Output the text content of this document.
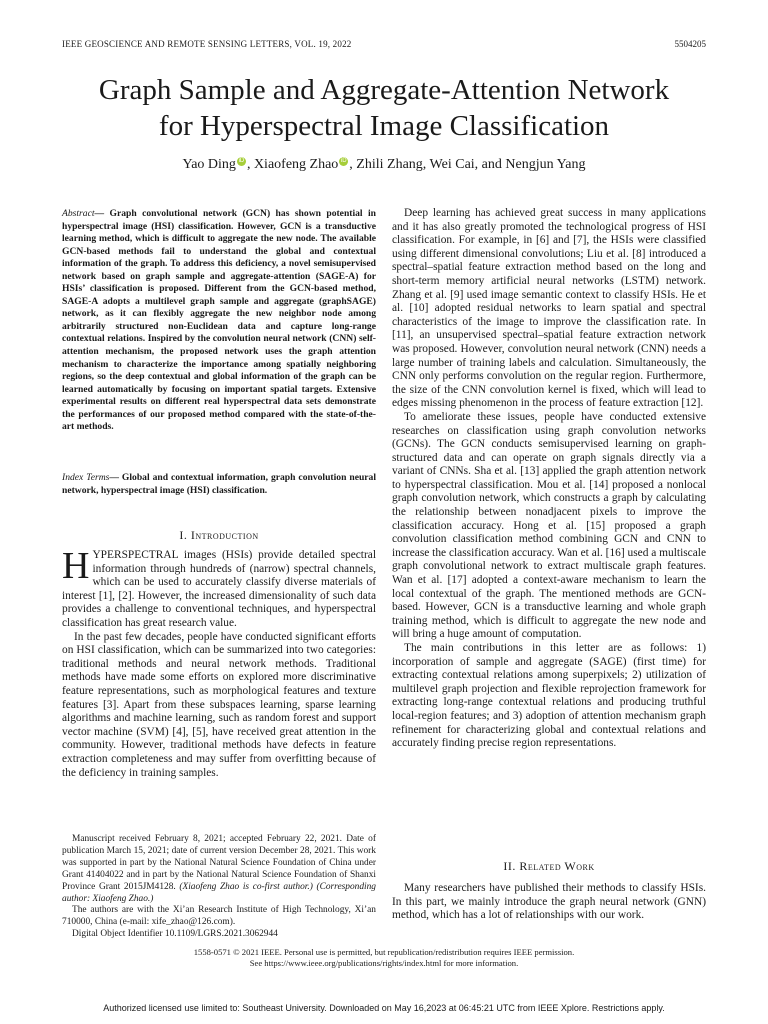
IEEE GEOSCIENCE AND REMOTE SENSING LETTERS, VOL. 19, 2022	5504205
Graph Sample and Aggregate-Attention Network
for Hyperspectral Image Classification
Yao Ding iD , Xiaofeng Zhao iD , Zhili Zhang, Wei Cai, and Nengjun Yang

Abstract— Graph convolutional network (GCN) has shown potential in hyperspectral image (HSI) classification. However, GCN is a transductive learning method, which is difficult to aggregate the new node. The available GCN-based methods fail to understand the global and contextual information of the graph. To address this deficiency, a novel semisupervised network based on graph sample and aggregate-attention (SAGE-A) for HSIs’ classification is proposed. Different from the GCN-based method, SAGE-A adopts a multilevel graph sample and aggregate (graphSAGE) network, as it can flexibly aggregate the new neighbor node among arbitrarily structured non-Euclidean data and capture long-range contextual relations. Inspired by the convolution neural network (CNN) self-attention mechanism, the proposed network uses the graph attention mechanism to characterize the importance among spatially neighboring regions, so the deep contextual and global information of the graph can be learned automatically by focusing on important spatial targets. Extensive experimental results on different real hyperspectral data sets demonstrate the performances of our proposed method compared with the state-of-the-art methods.

Index Terms— Global and contextual information, graph convolution neural network, hyperspectral image (HSI) classification.

I. Introduction

HYPERSPECTRAL images (HSIs) provide detailed spectral information through hundreds of (narrow) spectral channels, which can be used to accurately classify diverse materials of interest [1], [2]. However, the increased dimensionality of such data provides a challenge to conventional techniques, and hyperspectral classification has great research value.

In the past few decades, people have conducted significant efforts on HSI classification, which can be summarized into two categories: traditional methods and neural network methods. Traditional methods have made some efforts on explored more discriminative feature representations, such as morphological features and texture features [3]. Apart from these subspaces learning, sparse learning algorithms and machine learning, such as random forest and support vector machine (SVM) [4], [5], have received great attention in the community. However, traditional methods have defects in feature extraction completeness and may suffer from overfitting because of the deficiency in training samples.

Manuscript received February 8, 2021; accepted February 22, 2021. Date of publication March 15, 2021; date of current version December 28, 2021. This work was supported in part by the National Natural Science Foundation of China under Grant 41404022 and in part by the National Natural Science Foundation of Shanxi Province Grant 2015JM4128. (Xiaofeng Zhao is co-first author.) (Corresponding author: Xiaofeng Zhao.)

The authors are with the Xi’an Research Institute of High Technology, Xi’an 710000, China (e-mail: xife_zhao@126.com).

Digital Object Identifier 10.1109/LGRS.2021.3062944

Deep learning has achieved great success in many applications and it has also greatly promoted the technological progress of HSI classification. For example, in [6] and [7], the HSIs were classified using different dimensional convolutions; Liu et al. [8] introduced a spectral–spatial feature extraction method based on the long and short-term memory artificial neural networks (LSTM) network. Zhang et al. [9] used image semantic context to classify HSIs. He et al. [10] adopted residual networks to learn spatial and spectral characteristics of the image to improve the classification rate. In [11], an unsupervised spectral–spatial feature extraction network was proposed. However, convolution neural network (CNN) needs a large number of training labels and calculation. Simultaneously, the CNN only performs convolution on the regular region. Furthermore, the size of the CNN convolution kernel is fixed, which will lead to edges missing phenomenon in the process of feature extraction [12].

To ameliorate these issues, people have conducted extensive researches on classification using graph convolution networks (GCNs). The GCN conducts semisupervised learning on graph-structured data and can operate on graph signals directly via a variant of CNNs. Sha et al. [13] applied the graph attention network to hyperspectral classification. Mou et al. [14] proposed a nonlocal graph convolution network, which constructs a graph by calculating the relationship between nonadjacent pixels to improve the classification accuracy. Hong et al. [15] proposed a graph convolution classification method combining GCN and CNN to increase the classification accuracy. Wan et al. [16] used a multiscale graph convolutional network to extract multiscale graph features. Wan et al. [17] adopted a context-aware mechanism to learn the local contextual of the graph. The mentioned methods are GCN-based. However, GCN is a transductive learning and whole graph training method, which is difficult to aggregate the new node and will bring a huge amount of computation.

The main contributions in this letter are as follows: 1) incorporation of sample and aggregate (SAGE) (first time) for extracting contextual relations among superpixels; 2) utilization of multilevel graph projection and flexible reprojection framework for extracting long-range contextual relations and producing truthful local-region features; and 3) adoption of attention mechanism graph refinement for characterizing global and contextual relations and accurately finding precise region representations.

II. Related Work

Many researchers have published their methods to classify HSIs. In this part, we mainly introduce the graph neural network (GNN) method, which has a lot of relationships with our work.

1558-0571 © 2021 IEEE. Personal use is permitted, but republication/redistribution requires IEEE permission.
See https://www.ieee.org/publications/rights/index.html for more information.
Authorized licensed use limited to: Southeast University. Downloaded on May 16,2023 at 06:45:21 UTC from IEEE Xplore. Restrictions apply.
